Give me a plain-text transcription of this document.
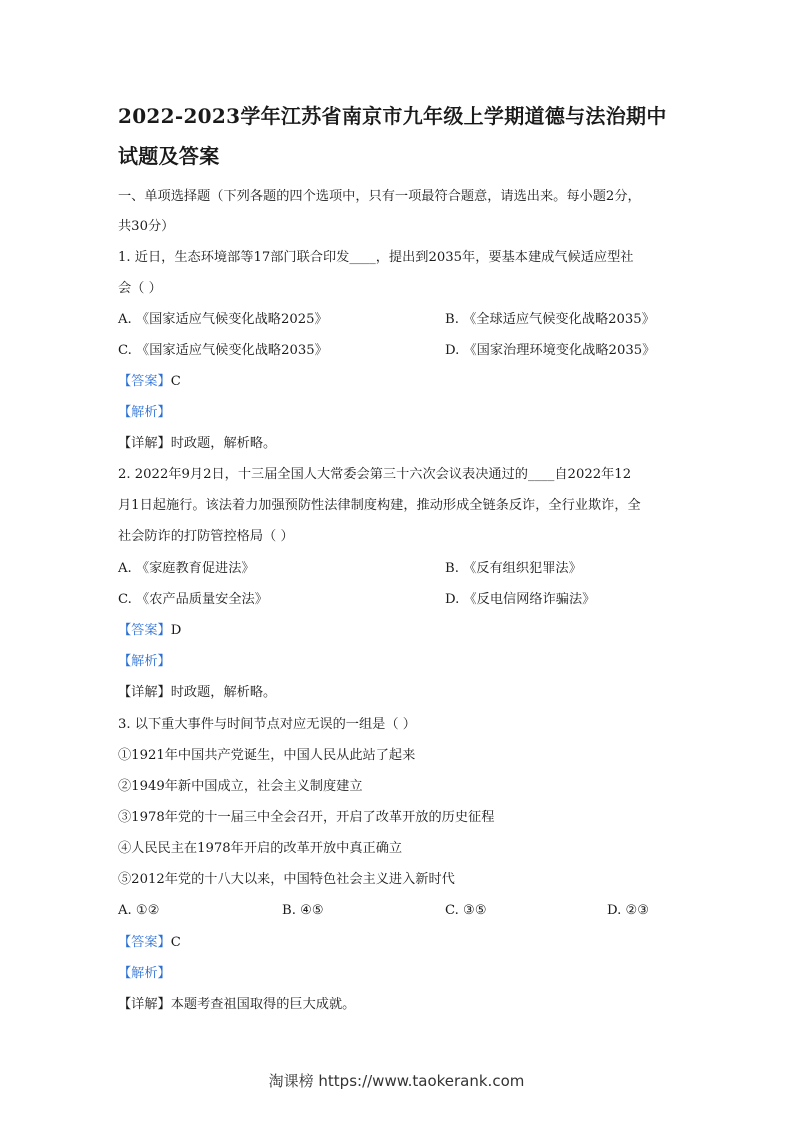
2022-2023学年江苏省南京市九年级上学期道德与法治期中
试题及答案
一、单项选择题（下列各题的四个选项中，只有一项最符合题意，请选出来。每小题2分，
共30分）
1. 近日，生态环境部等17部门联合印发____，提出到2035年，要基本建成气候适应型社
会（ ）
A. 《国家适应气候变化战略2025》	B. 《全球适应气候变化战略2035》
C. 《国家适应气候变化战略2035》	D. 《国家治理环境变化战略2035》
【答案】C
【解析】
【详解】时政题，解析略。
2. 2022年9月2日，十三届全国人大常委会第三十六次会议表决通过的____自2022年12
月1日起施行。该法着力加强预防性法律制度构建，推动形成全链条反诈，全行业欺诈，全
社会防诈的打防管控格局（ ）
A. 《家庭教育促进法》	B. 《反有组织犯罪法》
C. 《农产品质量安全法》	D. 《反电信网络诈骗法》
【答案】D
【解析】
【详解】时政题，解析略。
3. 以下重大事件与时间节点对应无误的一组是（ ）
①1921年中国共产党诞生，中国人民从此站了起来
②1949年新中国成立，社会主义制度建立
③1978年党的十一届三中全会召开，开启了改革开放的历史征程
④人民民主在1978年开启的改革开放中真正确立
⑤2012年党的十八大以来，中国特色社会主义进入新时代
A. ①②	B. ④⑤	C. ③⑤	D. ②③
【答案】C
【解析】
【详解】本题考查祖国取得的巨大成就。
淘课榜 https://www.taokerank.com
